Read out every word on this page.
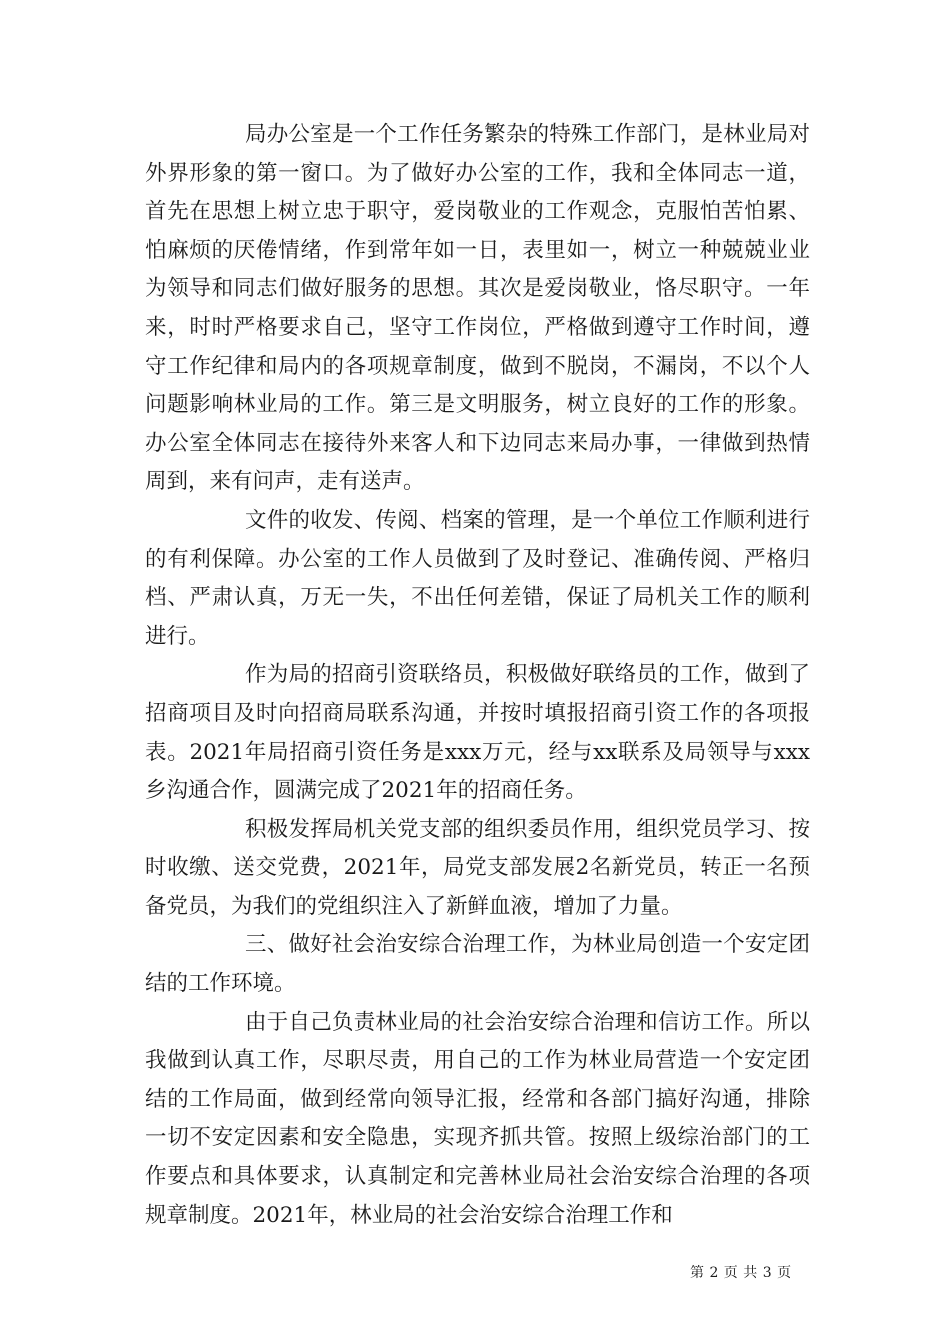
局办公室是一个工作任务繁杂的特殊工作部门，是林业局对外界形象的第一窗口。为了做好办公室的工作，我和全体同志一道，首先在思想上树立忠于职守，爱岗敬业的工作观念，克服怕苦怕累、怕麻烦的厌倦情绪，作到常年如一日，表里如一，树立一种兢兢业业为领导和同志们做好服务的思想。其次是爱岗敬业，恪尽职守。一年来，时时严格要求自己，坚守工作岗位，严格做到遵守工作时间，遵守工作纪律和局内的各项规章制度，做到不脱岗，不漏岗，不以个人问题影响林业局的工作。第三是文明服务，树立良好的工作的形象。办公室全体同志在接待外来客人和下边同志来局办事，一律做到热情周到，来有问声，走有送声。

文件的收发、传阅、档案的管理，是一个单位工作顺利进行的有利保障。办公室的工作人员做到了及时登记、准确传阅、严格归档、严肃认真，万无一失，不出任何差错，保证了局机关工作的顺利进行。

作为局的招商引资联络员，积极做好联络员的工作，做到了招商项目及时向招商局联系沟通，并按时填报招商引资工作的各项报表。2021年局招商引资任务是xxx万元，经与xx联系及局领导与xxx乡沟通合作，圆满完成了2021年的招商任务。

积极发挥局机关党支部的组织委员作用，组织党员学习、按时收缴、送交党费，2021年，局党支部发展2名新党员，转正一名预备党员，为我们的党组织注入了新鲜血液，增加了力量。

三、做好社会治安综合治理工作，为林业局创造一个安定团结的工作环境。

由于自己负责林业局的社会治安综合治理和信访工作。所以我做到认真工作，尽职尽责，用自己的工作为林业局营造一个安定团结的工作局面，做到经常向领导汇报，经常和各部门搞好沟通，排除一切不安定因素和安全隐患，实现齐抓共管。按照上级综治部门的工作要点和具体要求，认真制定和完善林业局社会治安综合治理的各项规章制度。2021年，林业局的社会治安综合治理工作和

第 2 页 共 3 页
